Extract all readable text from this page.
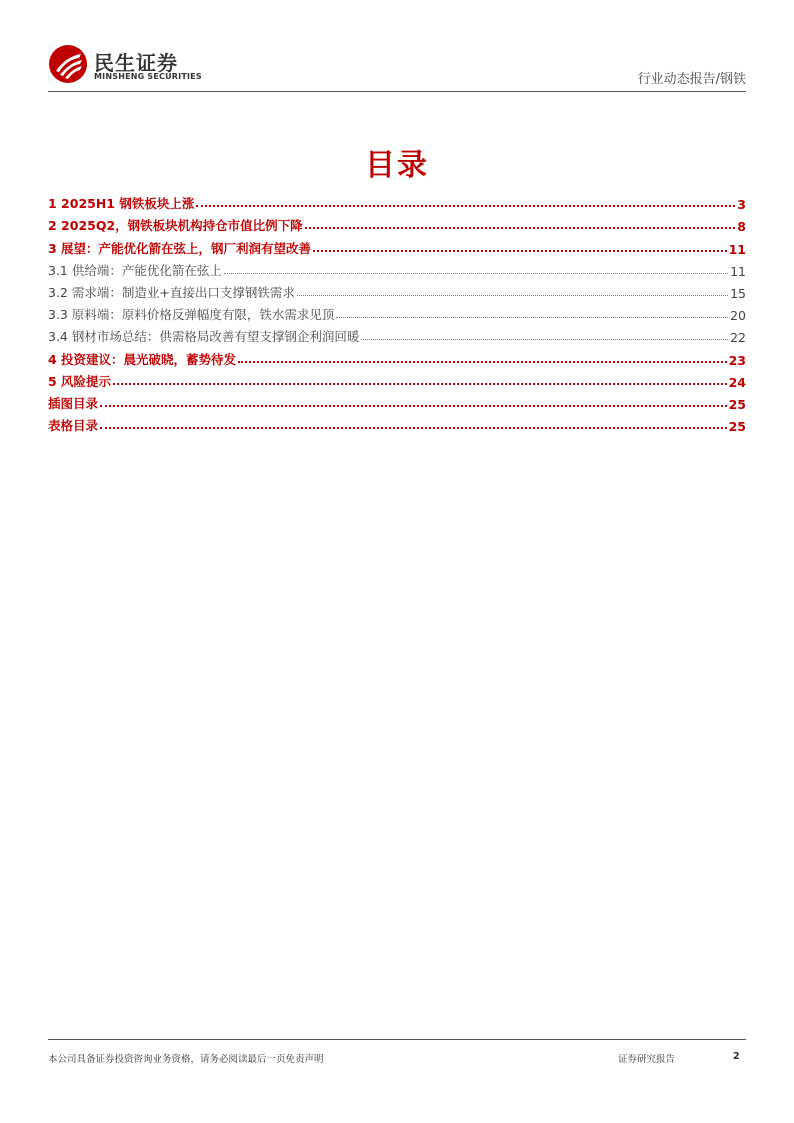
民生证券
MINSHENG SECURITIES	行业动态报告/钢铁
目录
1 2025H1 钢铁板块上涨	3
2 2025Q2，钢铁板块机构持仓市值比例下降	8
3 展望：产能优化箭在弦上，钢厂利润有望改善	11
3.1 供给端：产能优化箭在弦上	11
3.2 需求端：制造业+直接出口支撑钢铁需求	15
3.3 原料端：原料价格反弹幅度有限，铁水需求见顶	20
3.4 钢材市场总结：供需格局改善有望支撑钢企利润回暖	22
4 投资建议：晨光破晓，蓄势待发	23
5 风险提示	24
插图目录	25
表格目录	25
本公司具备证券投资咨询业务资格，请务必阅读最后一页免责声明	证券研究报告	2
